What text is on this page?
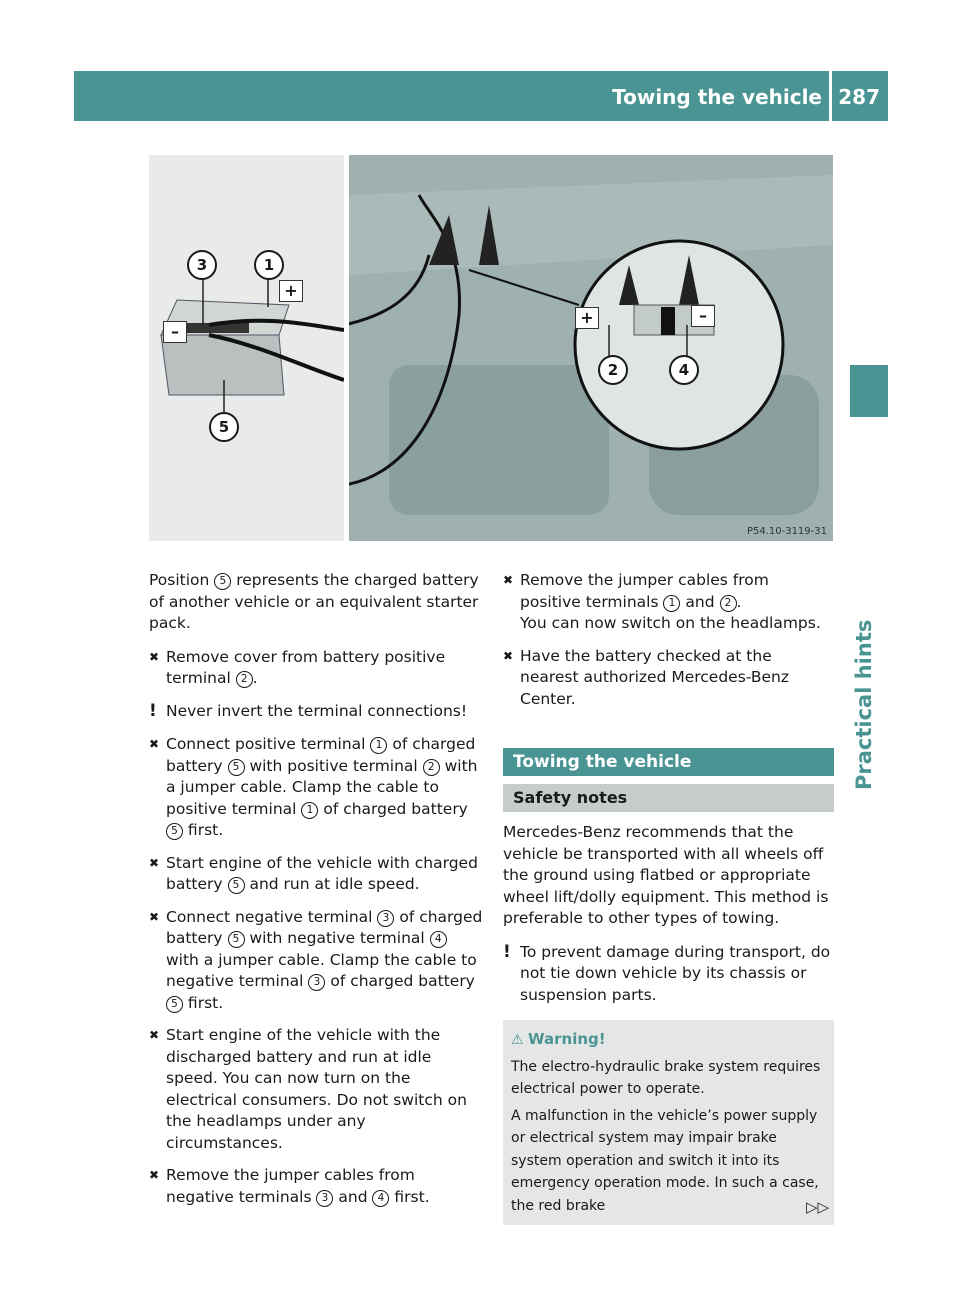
Towing the vehicle 287
Practical hints
3	1
5
+
–
2	4
+	–
P54.10-3119-31

Position 5 represents the charged battery of another vehicle or an equivalent starter pack.

✖ Remove cover from battery positive terminal 2 .
! Never invert the terminal connections!
✖ Connect positive terminal 1 of charged battery 5 with positive terminal 2 with a jumper cable. Clamp the cable to positive terminal 1 of charged battery 5 first.
✖ Start engine of the vehicle with charged battery 5 and run at idle speed.
✖ Connect negative terminal 3 of charged battery 5 with negative terminal 4 with a jumper cable. Clamp the cable to negative terminal 3 of charged battery 5 first.
✖ Start engine of the vehicle with the discharged battery and run at idle speed. You can now turn on the electrical consumers. Do not switch on the headlamps under any circumstances.
✖ Remove the jumper cables from negative terminals 3 and 4 first.
✖ Remove the jumper cables from positive terminals 1 and 2 .
You can now switch on the headlamps.
✖ Have the battery checked at the nearest authorized Mercedes-Benz Center.
Towing the vehicle
Safety notes

Mercedes-Benz recommends that the vehicle be transported with all wheels off the ground using flatbed or appropriate wheel lift/dolly equipment. This method is preferable to other types of towing.

! To prevent damage during transport, do not tie down vehicle by its chassis or suspension parts.

⚠ Warning!

The electro-hydraulic brake system requires electrical power to operate.

A malfunction in the vehicle’s power supply or electrical system may impair brake system operation and switch it into its emergency operation mode. In such a case, the red brake	▷▷
